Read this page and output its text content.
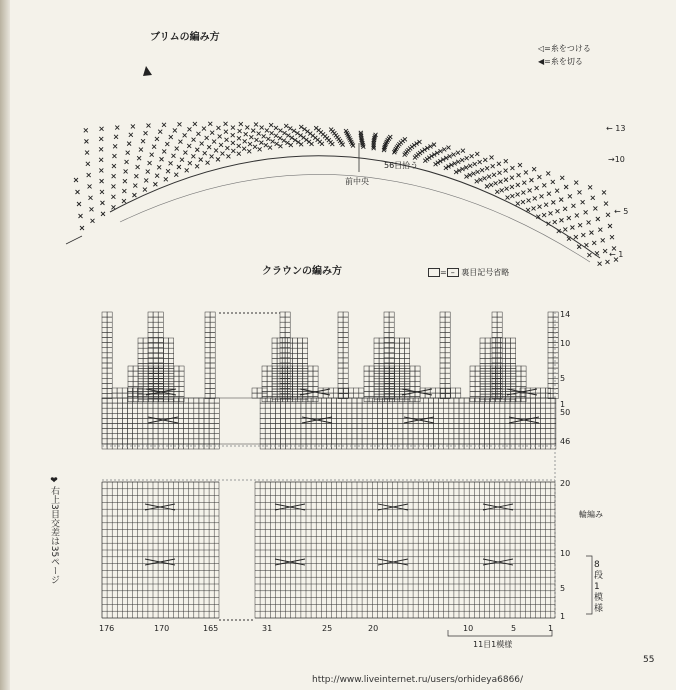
ブリムの編み方
◁=糸をつける
◀=糸を切る
56目拾う
前中央
← 13
→10
← 5
← 1
クラウンの編み方	= – 裏目記号省略
14
10
5
1
50
46
20
10
5
1
輪編み
8段1模様
176	170	165	31	25	20	10	5	1
11目1模様
❤右上3目交差は35ページ
55
http://www.liveinternet.ru/users/orhideya6866/
